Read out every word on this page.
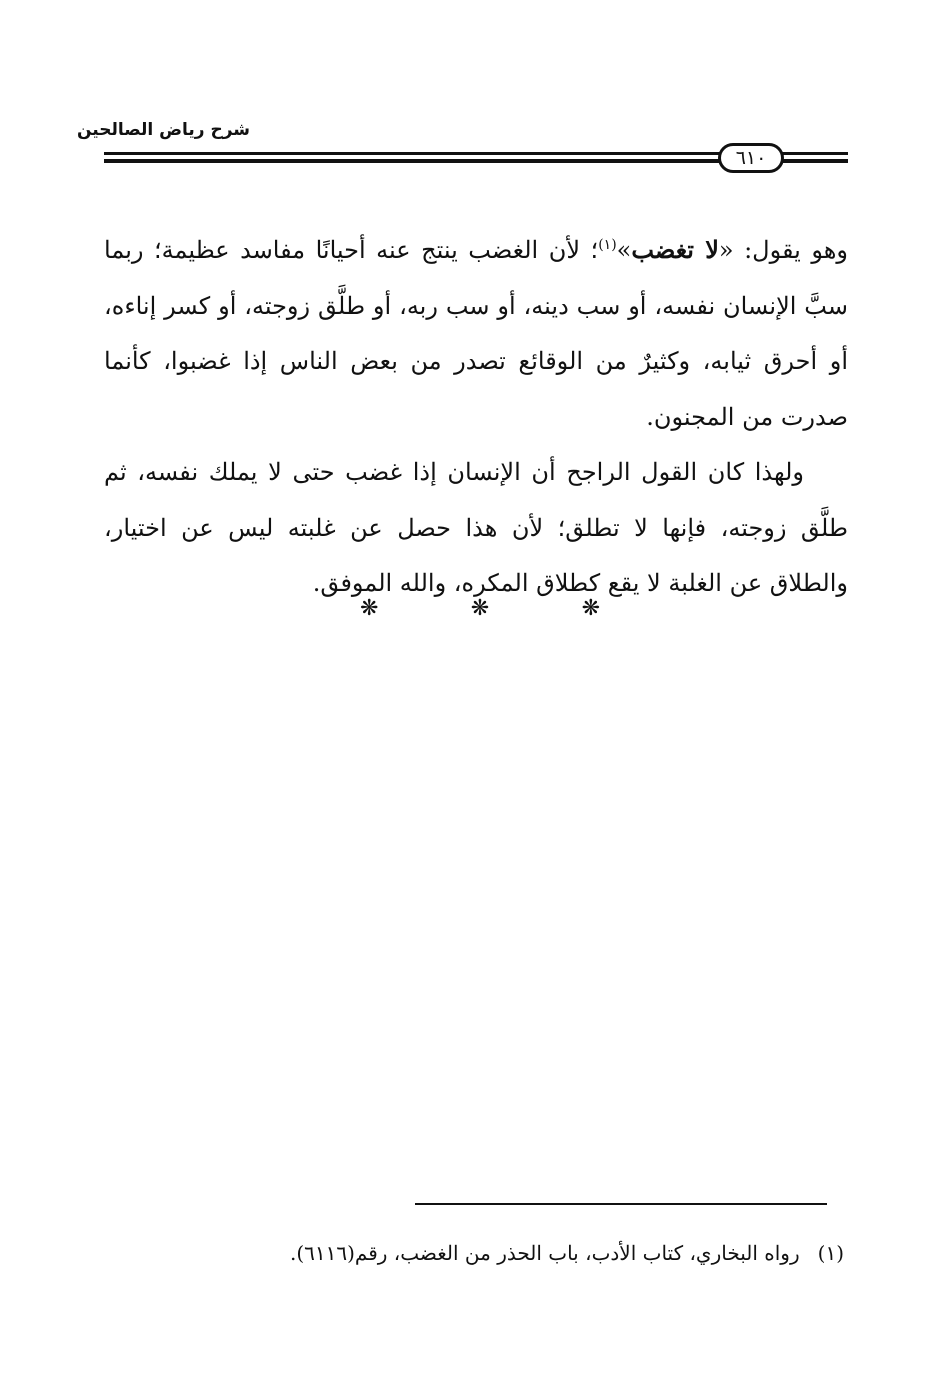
شرح رياض الصالحين
٦١٠

وهو يقول: «لا تغضب»$^{(١)}$؛ لأن الغضب ينتج عنه أحيانًا مفاسد عظيمة؛ ربما سبَّ الإنسان نفسه، أو سب دينه، أو سب ربه، أو طلَّق زوجته، أو كسر إناءه، أو أحرق ثيابه، وكثيرٌ من الوقائع تصدر من بعض الناس إذا غضبوا، كأنما صدرت من المجنون.

ولهذا كان القول الراجح أن الإنسان إذا غضب حتى لا يملك نفسه، ثم طلَّق زوجته، فإنها لا تطلق؛ لأن هذا حصل عن غلبته ليس عن اختيار، والطلاق عن الغلبة لا يقع كطلاق المكره، والله الموفق.

❋	❋	❋
(١)رواه البخاري، كتاب الأدب، باب الحذر من الغضب، رقم(٦١١٦).
